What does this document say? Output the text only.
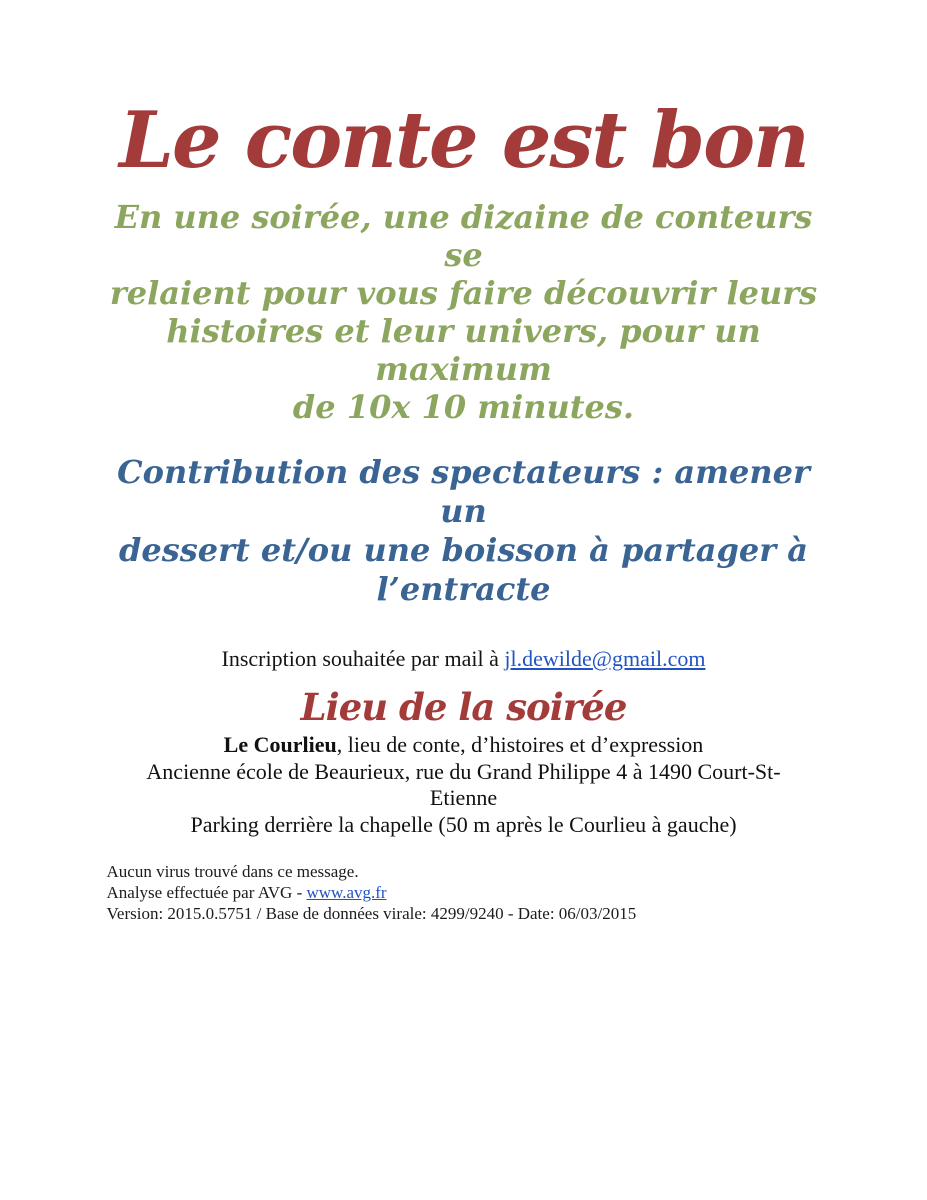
Le conte est bon
En une soirée, une dizaine de conteurs se
relaient pour vous faire découvrir leurs
histoires et leur univers, pour un maximum
de 10x 10 minutes.
Contribution des spectateurs : amener un
dessert et/ou une boisson à partager à
l’entracte

Inscription souhaitée par mail à jl.dewilde@gmail.com

Lieu de la soirée
Le Courlieu, lieu de conte, d’histoires et d’expression
Ancienne école de Beaurieux, rue du Grand Philippe 4 à 1490 Court-St-
Etienne
Parking derrière la chapelle (50 m après le Courlieu à gauche)
Aucun virus trouvé dans ce message.
Analyse effectuée par AVG - www.avg.fr
Version: 2015.0.5751 / Base de données virale: 4299/9240 - Date: 06/03/2015
